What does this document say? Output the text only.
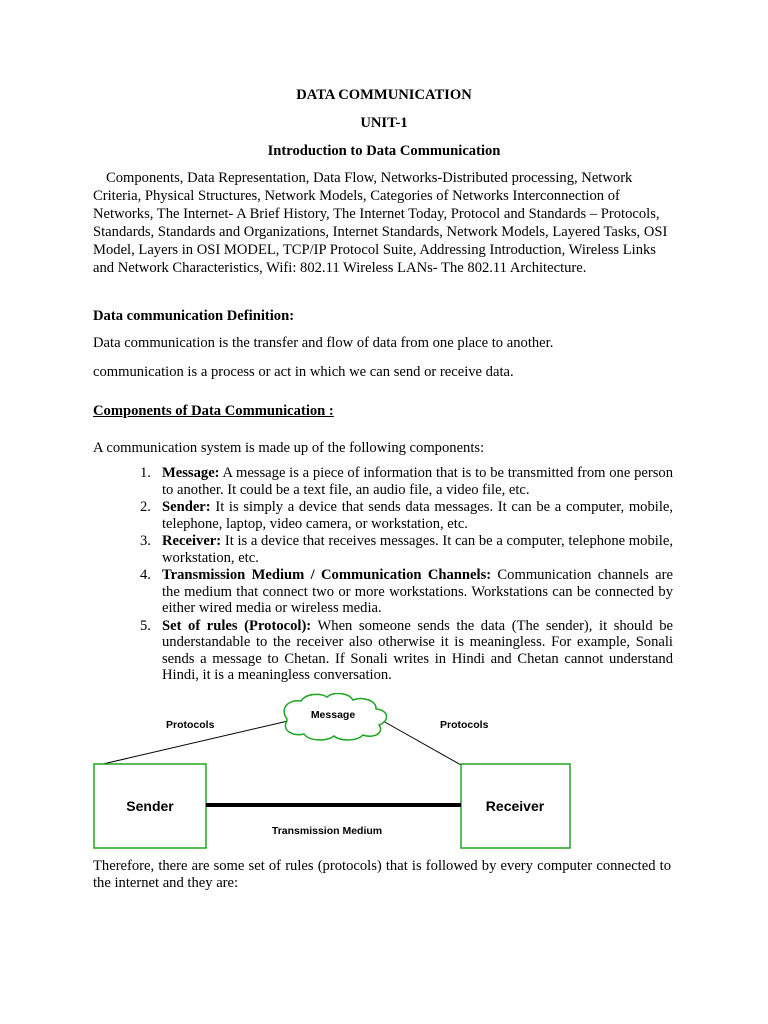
DATA COMMUNICATION
UNIT-1
Introduction to Data Communication

Components, Data Representation, Data Flow, Networks-Distributed processing, Network Criteria, Physical Structures, Network Models, Categories of Networks Interconnection of Networks, The Internet- A Brief History, The Internet Today, Protocol and Standards – Protocols, Standards, Standards and Organizations, Internet Standards, Network Models, Layered Tasks, OSI Model, Layers in OSI MODEL, TCP/IP Protocol Suite, Addressing Introduction, Wireless Links and Network Characteristics, Wifi: 802.11 Wireless LANs- The 802.11 Architecture.

Data communication Definition:
Data communication is the transfer and flow of data from one place to another.
communication is a process or act in which we can send or receive data.
Components of Data Communication :
A communication system is made up of the following components:
1. Message: A message is a piece of information that is to be transmitted from one person to another. It could be a text file, an audio file, a video file, etc.
2. Sender: It is simply a device that sends data messages. It can be a computer, mobile, telephone, laptop, video camera, or workstation, etc.
3. Receiver: It is a device that receives messages. It can be a computer, telephone mobile, workstation, etc.
4. Transmission Medium / Communication Channels: Communication channels are the medium that connect two or more workstations. Workstations can be connected by either wired media or wireless media.
5. Set of rules (Protocol): When someone sends the data (The sender), it should be understandable to the receiver also otherwise it is meaningless. For example, Sonali sends a message to Chetan. If Sonali writes in Hindi and Chetan cannot understand Hindi, it is a meaningless conversation.
Message
Protocols	Protocols
Sender	Receiver
Transmission Medium

Therefore, there are some set of rules (protocols) that is followed by every computer connected to the internet and they are:
